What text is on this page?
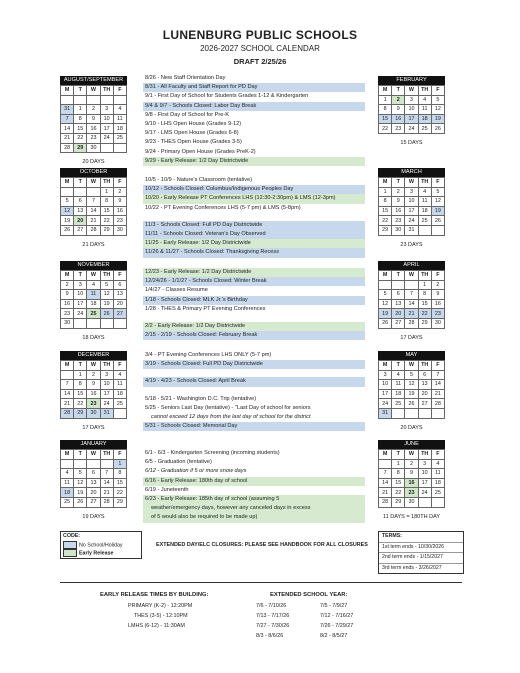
LUNENBURG PUBLIC SCHOOLS
2026-2027 SCHOOL CALENDAR
DRAFT 2/25/26
AUGUST/SEPTEMBER
M	T	W	TH	F

31	1	2	3	4
7	8	9	10	11
14	15	16	17	18
21	22	23	24	25
28	29	30		
20 DAYS
OCTOBER
M	T	W	TH	F
			1	2
5	6	7	8	9
12	13	14	15	16
19	20	21	22	23
26	27	28	29	30
21 DAYS
NOVEMBER
M	T	W	TH	F
2	3	4	5	6
9	10	11	12	13
16	17	18	19	20
23	24	25	26	27
30				
18 DAYS
DECEMBER
M	T	W	TH	F
	1	2	3	4
7	8	9	10	11
14	15	16	17	18
21	22	23	24	25
28	29	30	31	
17 DAYS
JANUARY
M	T	W	TH	F
				1
4	5	6	7	8
11	12	13	14	15
18	19	20	21	22
25	26	27	28	29
19 DAYS
FEBRUARY
M	T	W	TH	F
1	2	3	4	5
8	9	10	11	12
15	16	17	18	19
22	23	24	25	26
15 DAYS
MARCH
M	T	W	TH	F
1	2	3	4	5
8	9	10	11	12
15	16	17	18	19
22	23	24	25	26
29	30	31		
23 DAYS
APRIL
M	T	W	TH	F
			1	2
5	6	7	8	9
12	13	14	15	16
19	20	21	22	23
26	27	28	29	30
17 DAYS
MAY
M	T	W	TH	F
3	4	5	6	7
10	11	12	13	14
17	18	19	20	21
24	25	26	27	28
31				
20 DAYS
JUNE
M	T	W	TH	F
	1	2	3	4
7	8	9	10	11
14	15	16	17	18
21	22	23	24	25
28	29	30		
11 DAYS = 180TH DAY
8/26 - New Staff Orientation Day
8/31 - All Faculty and Staff Report for PD Day
9/1 - First Day of School for Students Grades 1-12 & Kindergarten
9/4 & 9/7 - Schools Closed: Labor Day Break
9/8 - First Day of School for Pre-K
9/10 - LHS Open House (Grades 9-12)
9/17 - LMS Open House (Grades 6-8)
9/23 - THES Open House (Grades 3-5)
9/24 - Primary Open House (Grades PreK-2)
9/29 - Early Release: 1/2 Day Districtwide
10/5 - 10/9 - Nature's Classroom (tentative)
10/12 - Schools Closed: Columbus/Indigenous Peoples Day
10/20 - Early Release PT Conferences LHS (12:30-2:30pm) & LMS (12-3pm)
10/22 - PT Evening Conferences LHS (5-7 pm) & LMS (5-8pm)
11/3 - Schools Closed: Full PD Day Districtwide
11/11 - Schools Closed: Veteran's Day Observed
11/25 - Early Release: 1/2 Day Districtwide
11/26 & 11/27 - Schools Closed: Thanksgiving Recess
12/23 - Early Release: 1/2 Day Districtwide
12/24/26 - 1/1/27 - Schools Closed: Winter Break
1/4/27 - Classes Resume
1/18 - Schools Closed: MLK Jr.'s Birthday
1/28 - THES & Primary PT Evening Conferences
2/2 - Early Release: 1/2 Day Districtwide
2/15 - 2/19 - Schools Closed: February Break
3/4 - PT Evening Conferences LHS ONLY (5-7 pm)
3/19 - Schools Closed: Full PD Day Districtwide
4/19 - 4/23 - Schools Closed: April Break
5/18 - 5/21 - Washington D.C. Trip (tentative)
5/25 - Seniors Last Day (tentative) - "Last Day of school for seniors
cannot exceed 12 days from the last day of school for the district
5/31 - Schools Closed: Memorial Day
6/1 - 6/3 - Kindergarten Screening (incoming students)
6/5 - Graduation (tentative)
6/12 - Graduation if 5 or more snow days
6/16 - Early Release: 180th day of school
6/19 - Juneteenth
6/23 - Early Release: 185th day of school (assuming 5
weather/emergency days, however any canceled days in excess
of 5 would also be required to be made up)
CODE:
No School/Holiday
Early Release
EXTENDED DAY/ELC CLOSURES: PLEASE SEE HANDBOOK FOR ALL CLOSURES
TERMS:
1st term ends - 10/30/2026
2nd term ends - 1/15/2027
3rd term ends - 3/26/2027
EARLY RELEASE TIMES BY BUILDING:
PRIMARY (K-2) - 12:20PM
THES (3-5) - 12:10PM
LMHS (6-12) - 11:30AM
EXTENDED SCHOOL YEAR:
7/6 - 7/10/26
7/13 - 7/17/26
7/27 - 7/30/26
8/3 - 8/6/26
7/5 - 7/9/27
7/12 - 7/16/27
7/26 - 7/29/27
8/2 - 8/5/27
